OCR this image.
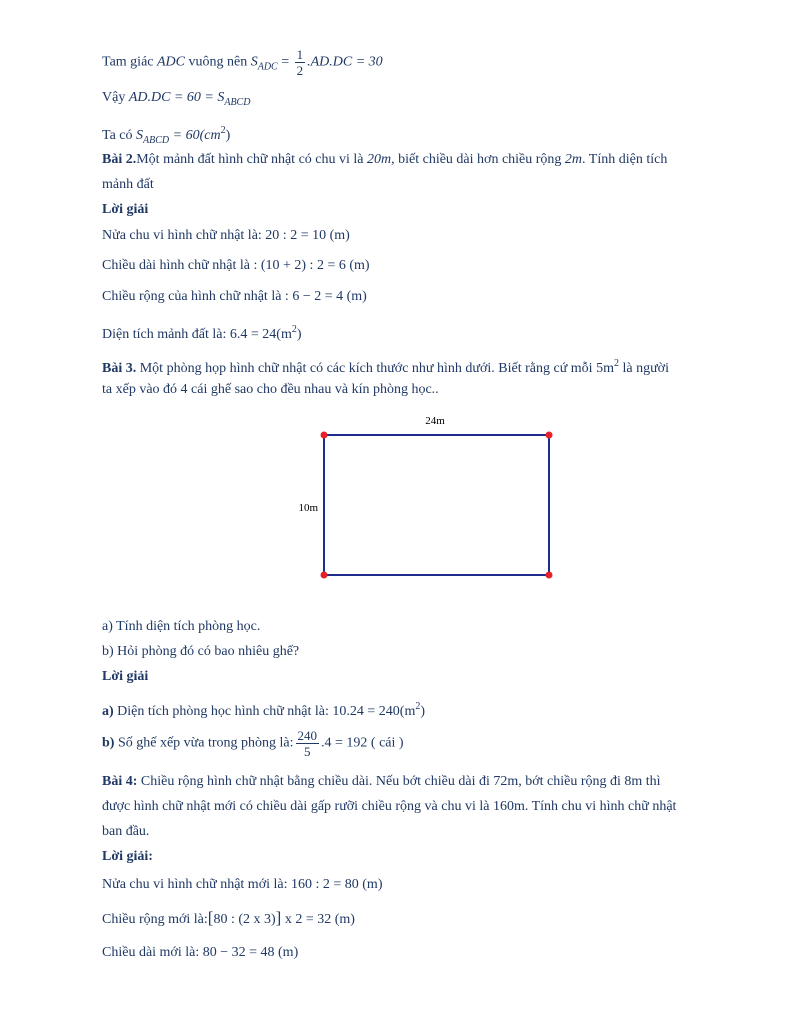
Tam giác ADC vuông nên $S_{ADC} = \frac{1}{2} .AD.DC = 30$
Vậy $AD.DC = 60 = S_{ABCD}$
Ta có $S_{ABCD} = 60(cm^2)$
Bài 2.Một mảnh đất hình chữ nhật có chu vi là 20m, biết chiều dài hơn chiều rộng 2m. Tính diện tích
mảnh đất
Lời giải
Nửa chu vi hình chữ nhật là: 20 : 2 = 10 (m)
Chiều dài hình chữ nhật là : (10 + 2) : 2 = 6 (m)
Chiều rộng của hình chữ nhật là : 6 − 2 = 4 (m)
Diện tích mảnh đất là: $6.4 = 24(m^2)$
Bài 3. Một phòng họp hình chữ nhật có các kích thước như hình dưới. Biết rằng cứ mỗi $5m^2$ là người
ta xếp vào đó 4 cái ghế sao cho đều nhau và kín phòng học..
24m
10m
a) Tính diện tích phòng học.
b) Hỏi phòng đó có bao nhiêu ghế?
Lời giải
a) Diện tích phòng học hình chữ nhật là: $10.24 = 240(m^2)$
b) Số ghế xếp vừa trong phòng là: $\frac{240}{5} .4 = 192$ ( cái )
Bài 4: Chiều rộng hình chữ nhật bằng chiều dài. Nếu bớt chiều dài đi 72m, bớt chiều rộng đi 8m thì
được hình chữ nhật mới có chiều dài gấp rưỡi chiều rộng và chu vi là 160m. Tính chu vi hình chữ nhật
ban đầu.
Lời giải:
Nửa chu vi hình chữ nhật mới là: 160 : 2 = 80 (m)
Chiều rộng mới là:[80 : (2 x 3)] x 2 = 32 (m)
Chiều dài mới là: 80 − 32 = 48 (m)
